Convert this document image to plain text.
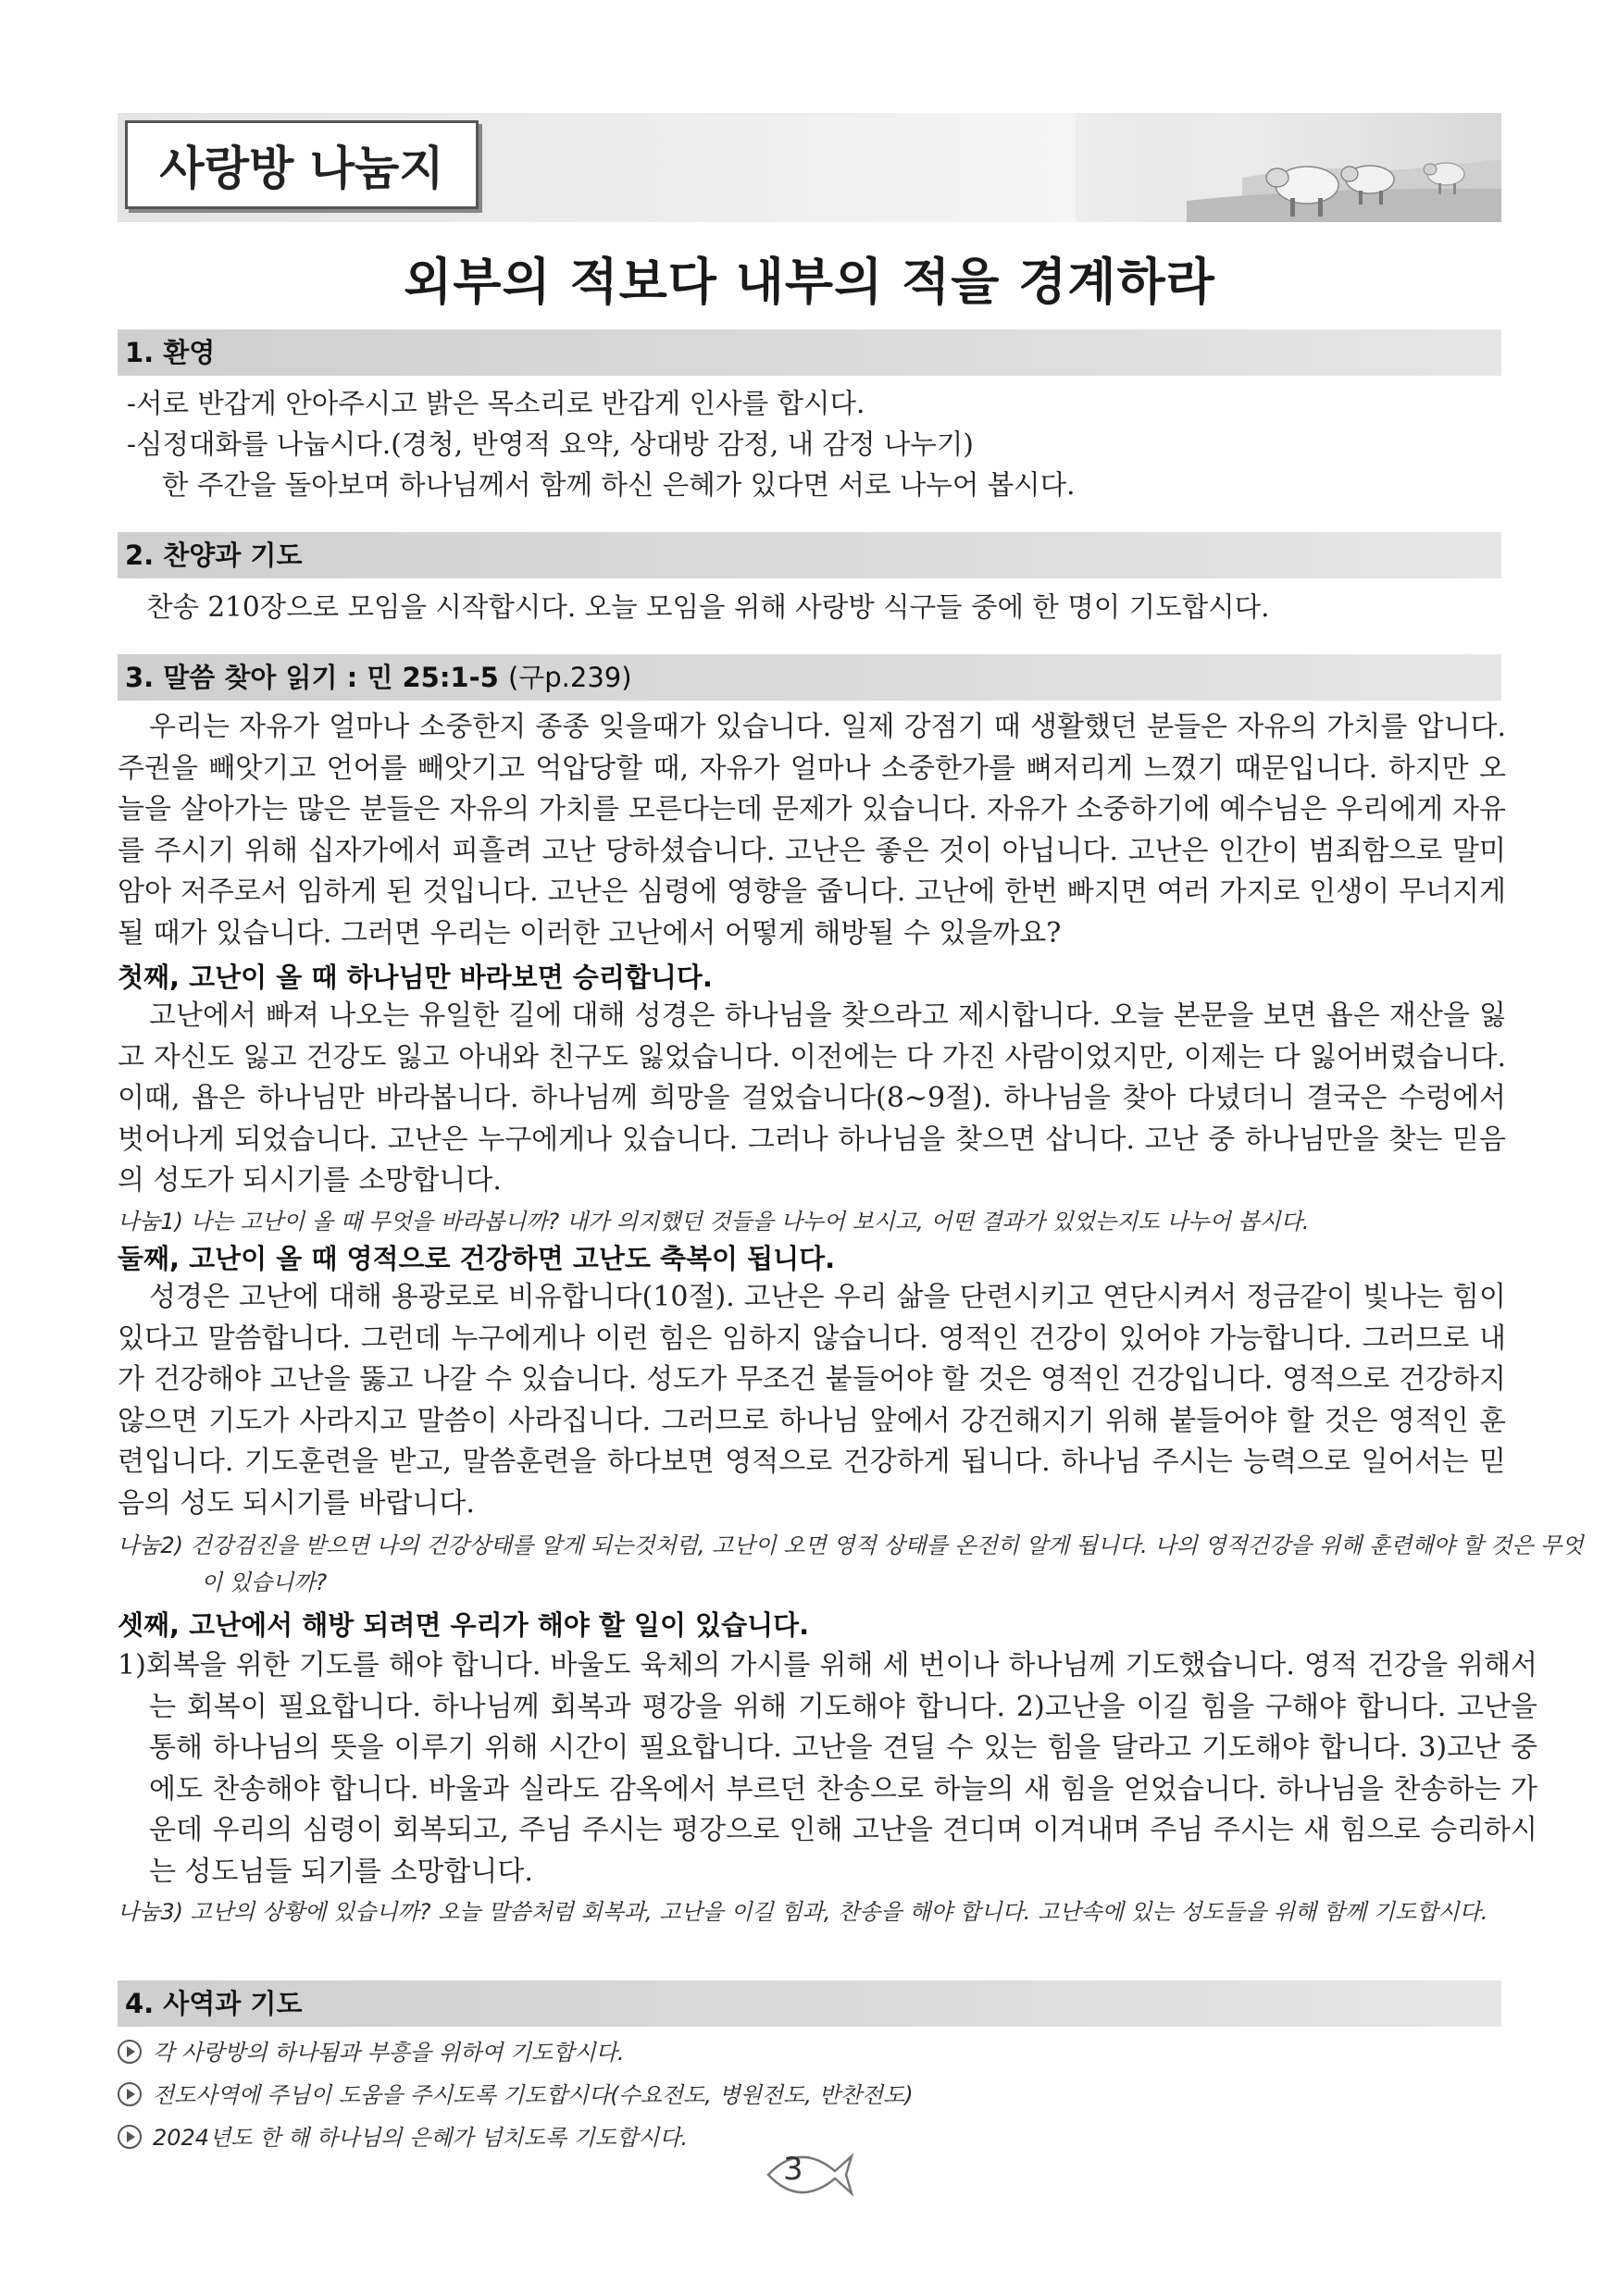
사랑방 나눔지
외부의 적보다 내부의 적을 경계하라
1. 환영

-서로 반갑게 안아주시고 밝은 목소리로 반갑게 인사를 합시다.

-심정대화를 나눕시다.(경청, 반영적 요약, 상대방 감정, 내 감정 나누기)

한 주간을 돌아보며 하나님께서 함께 하신 은혜가 있다면 서로 나누어 봅시다.

2. 찬양과 기도

찬송 210장으로 모임을 시작합시다. 오늘 모임을 위해 사랑방 식구들 중에 한 명이 기도합시다.

3. 말씀 찾아 읽기 : 민 25:1-5 (구p.239)

우리는 자유가 얼마나 소중한지 종종 잊을때가 있습니다. 일제 강점기 때 생활했던 분들은 자유의 가치를 압니다. 주권을 빼앗기고 언어를 빼앗기고 억압당할 때, 자유가 얼마나 소중한가를 뼈저리게 느꼈기 때문입니다. 하지만 오늘을 살아가는 많은 분들은 자유의 가치를 모른다는데 문제가 있습니다. 자유가 소중하기에 예수님은 우리에게 자유를 주시기 위해 십자가에서 피흘려 고난 당하셨습니다. 고난은 좋은 것이 아닙니다. 고난은 인간이 범죄함으로 말미암아 저주로서 임하게 된 것입니다. 고난은 심령에 영향을 줍니다. 고난에 한번 빠지면 여러 가지로 인생이 무너지게 될 때가 있습니다. 그러면 우리는 이러한 고난에서 어떻게 해방될 수 있을까요?

첫째, 고난이 올 때 하나님만 바라보면 승리합니다.

고난에서 빠져 나오는 유일한 길에 대해 성경은 하나님을 찾으라고 제시합니다. 오늘 본문을 보면 욥은 재산을 잃고 자신도 잃고 건강도 잃고 아내와 친구도 잃었습니다. 이전에는 다 가진 사람이었지만, 이제는 다 잃어버렸습니다. 이때, 욥은 하나님만 바라봅니다. 하나님께 희망을 걸었습니다(8~9절). 하나님을 찾아 다녔더니 결국은 수렁에서 벗어나게 되었습니다. 고난은 누구에게나 있습니다. 그러나 하나님을 찾으면 삽니다. 고난 중 하나님만을 찾는 믿음의 성도가 되시기를 소망합니다.

나눔1) 나는 고난이 올 때 무엇을 바라봅니까? 내가 의지했던 것들을 나누어 보시고, 어떤 결과가 있었는지도 나누어 봅시다.

둘째, 고난이 올 때 영적으로 건강하면 고난도 축복이 됩니다.

성경은 고난에 대해 용광로로 비유합니다(10절). 고난은 우리 삶을 단련시키고 연단시켜서 정금같이 빛나는 힘이 있다고 말씀합니다. 그런데 누구에게나 이런 힘은 임하지 않습니다. 영적인 건강이 있어야 가능합니다. 그러므로 내가 건강해야 고난을 뚫고 나갈 수 있습니다. 성도가 무조건 붙들어야 할 것은 영적인 건강입니다. 영적으로 건강하지 않으면 기도가 사라지고 말씀이 사라집니다. 그러므로 하나님 앞에서 강건해지기 위해 붙들어야 할 것은 영적인 훈련입니다. 기도훈련을 받고, 말씀훈련을 하다보면 영적으로 건강하게 됩니다. 하나님 주시는 능력으로 일어서는 믿음의 성도 되시기를 바랍니다.

나눔2) 건강검진을 받으면 나의 건강상태를 알게 되는것처럼, 고난이 오면 영적 상태를 온전히 알게 됩니다. 나의 영적건강을 위해 훈련해야 할 것은 무엇이 있습니까?

셋째, 고난에서 해방 되려면 우리가 해야 할 일이 있습니다.

1)회복을 위한 기도를 해야 합니다. 바울도 육체의 가시를 위해 세 번이나 하나님께 기도했습니다. 영적 건강을 위해서는 회복이 필요합니다. 하나님께 회복과 평강을 위해 기도해야 합니다. 2)고난을 이길 힘을 구해야 합니다. 고난을 통해 하나님의 뜻을 이루기 위해 시간이 필요합니다. 고난을 견딜 수 있는 힘을 달라고 기도해야 합니다. 3)고난 중에도 찬송해야 합니다. 바울과 실라도 감옥에서 부르던 찬송으로 하늘의 새 힘을 얻었습니다. 하나님을 찬송하는 가운데 우리의 심령이 회복되고, 주님 주시는 평강으로 인해 고난을 견디며 이겨내며 주님 주시는 새 힘으로 승리하시는 성도님들 되기를 소망합니다.

나눔3) 고난의 상황에 있습니까? 오늘 말씀처럼 회복과, 고난을 이길 힘과, 찬송을 해야 합니다. 고난속에 있는 성도들을 위해 함께 기도합시다.

4. 사역과 기도
각 사랑방의 하나됨과 부흥을 위하여 기도합시다.
전도사역에 주님이 도움을 주시도록 기도합시다(수요전도, 병원전도, 반찬전도)
2024년도 한 해 하나님의 은혜가 넘치도록 기도합시다.
3
